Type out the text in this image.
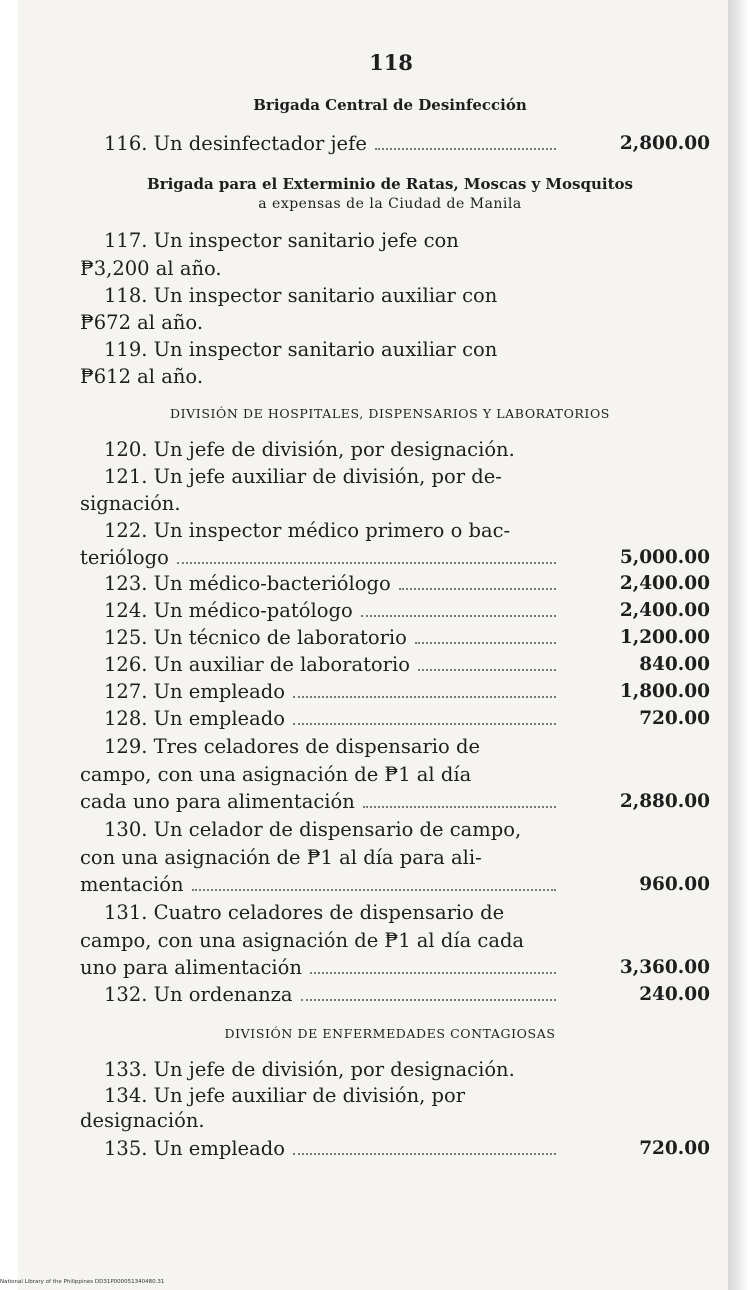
118
Brigada Central de Desinfección
116. Un desinfectador jefe	2,800.00
Brigada para el Exterminio de Ratas, Moscas y Mosquitos
a expensas de la Ciudad de Manila
117. Un inspector sanitario jefe con
₱3,200 al año.
118. Un inspector sanitario auxiliar con
₱672 al año.
119. Un inspector sanitario auxiliar con
₱612 al año.
DIVISIÓN DE HOSPITALES, DISPENSARIOS Y LABORATORIOS
120. Un jefe de división, por designación.
121. Un jefe auxiliar de división, por de-
signación.
122. Un inspector médico primero o bac-
teriólogo	5,000.00
123. Un médico-bacteriólogo	2,400.00
124. Un médico-patólogo	2,400.00
125. Un técnico de laboratorio	1,200.00
126. Un auxiliar de laboratorio	840.00
127. Un empleado	1,800.00
128. Un empleado	720.00
129. Tres celadores de dispensario de
campo, con una asignación de ₱1 al día
cada uno para alimentación	2,880.00
130. Un celador de dispensario de campo,
con una asignación de ₱1 al día para ali-
mentación	960.00
131. Cuatro celadores de dispensario de
campo, con una asignación de ₱1 al día cada
uno para alimentación	3,360.00
132. Un ordenanza	240.00
DIVISIÓN DE ENFERMEDADES CONTAGIOSAS
133. Un jefe de división, por designación.
134. Un jefe auxiliar de división, por
designación.
135. Un empleado	720.00
National Library of the Philippines DD31P000051340480.31
